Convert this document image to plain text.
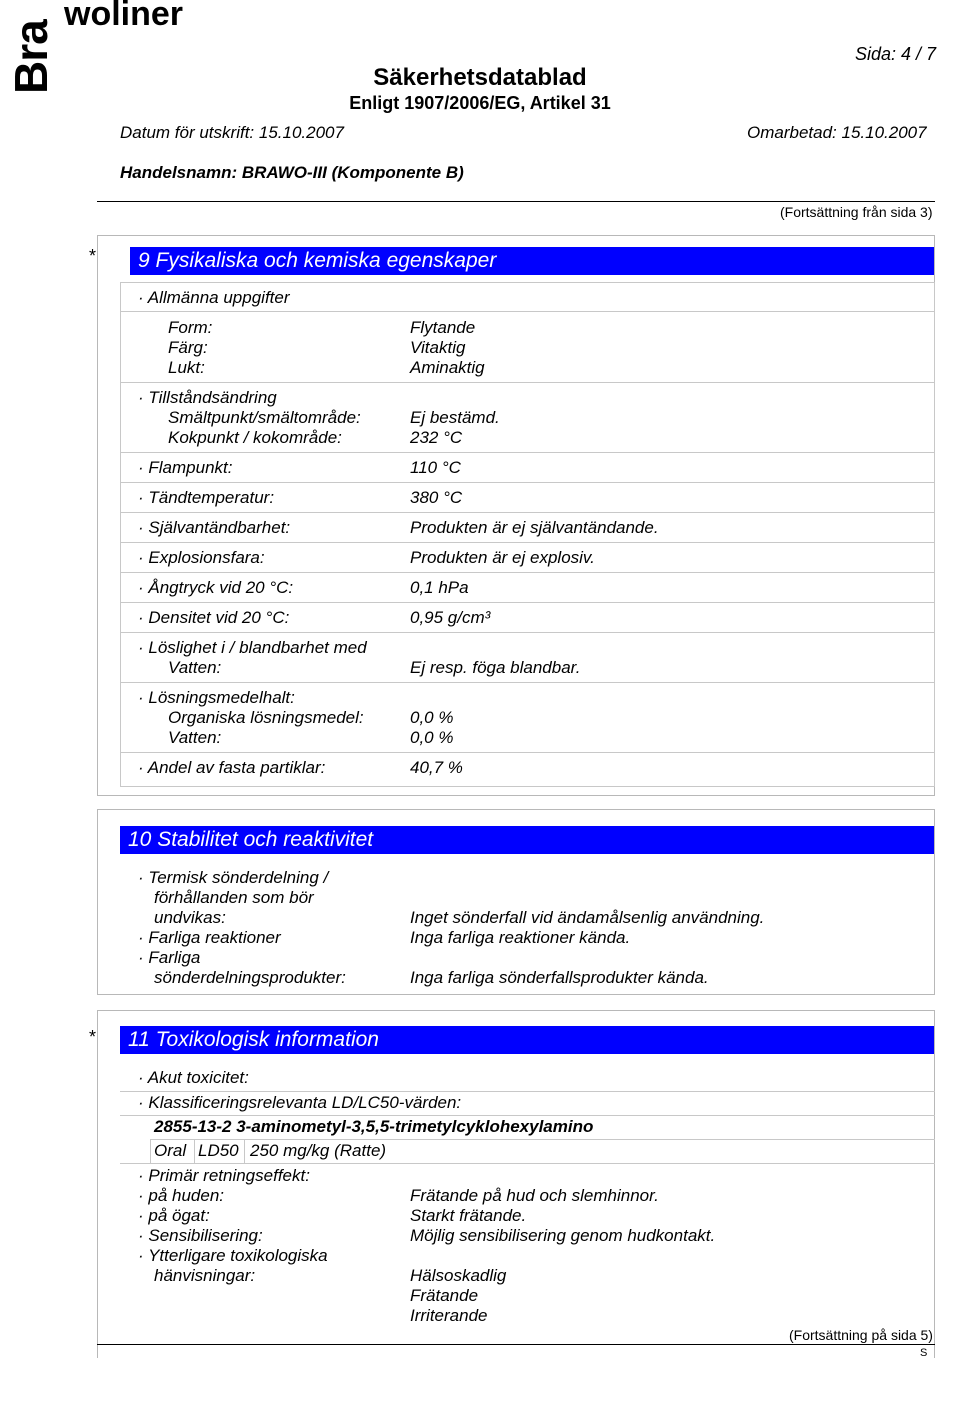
Bra
woliner
Sida: 4 / 7
Säkerhetsdatablad
Enligt 1907/2006/EG, Artikel 31
Datum för utskrift: 15.10.2007	Omarbetad: 15.10.2007
Handelsnamn: BRAWO-III (Komponente B)
(Fortsättning från sida 3)
*	9 Fysikaliska och kemiska egenskaper
· Allmänna uppgifter
Form:	Flytande
Färg:	Vitaktig
Lukt:	Aminaktig
· Tillståndsändring
Smältpunkt/smältområde:	Ej bestämd.
Kokpunkt / kokområde:	232 °C
· Flampunkt:	110 °C
· Tändtemperatur:	380 °C
· Självantändbarhet:	Produkten är ej självantändande.
· Explosionsfara:	Produkten är ej explosiv.
· Ångtryck vid 20 °C:	0,1 hPa
· Densitet vid 20 °C:	0,95 g/cm³
· Löslighet i / blandbarhet med
Vatten:	Ej resp. föga blandbar.
· Lösningsmedelhalt:
Organiska lösningsmedel:	0,0 %
Vatten:	0,0 %
· Andel av fasta partiklar:	40,7 %
10 Stabilitet och reaktivitet
· Termisk sönderdelning /
förhållanden som bör
undvikas:	Inget sönderfall vid ändamålsenlig användning.
· Farliga reaktioner	Inga farliga reaktioner kända.
· Farliga
sönderdelningsprodukter:	Inga farliga sönderfallsprodukter kända.
*	11 Toxikologisk information
· Akut toxicitet:
· Klassificeringsrelevanta LD/LC50-värden:
2855-13-2 3-aminometyl-3,5,5-trimetylcyklohexylamino
Oral LD50 250 mg/kg (Ratte)
· Primär retningseffekt:
· på huden:	Frätande på hud och slemhinnor.
· på ögat:	Starkt frätande.
· Sensibilisering:	Möjlig sensibilisering genom hudkontakt.
· Ytterligare toxikologiska
hänvisningar:	Hälsoskadlig
Frätande
Irriterande
(Fortsättning på sida 5)
S
